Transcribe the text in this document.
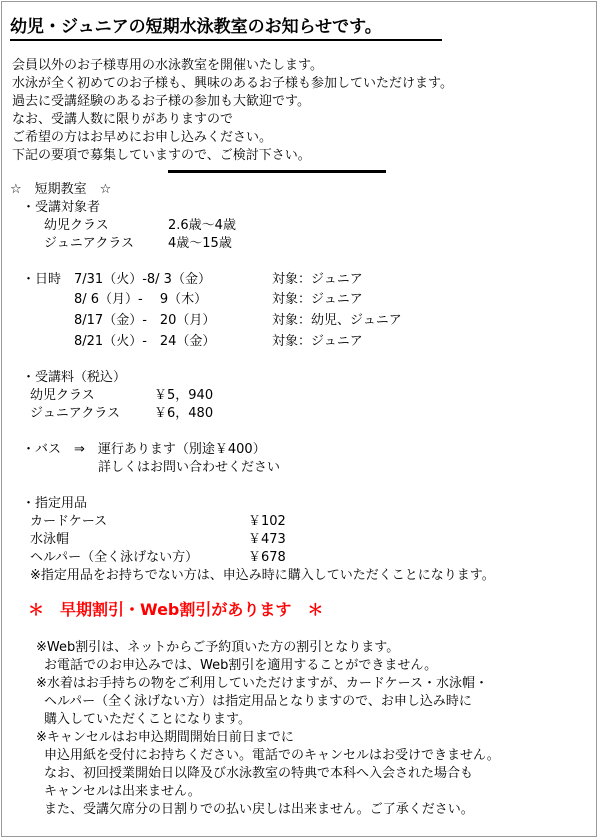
幼児・ジュニアの短期水泳教室のお知らせです。
会員以外のお子様専用の水泳教室を開催いたします。
水泳が全く初めてのお子様も、興味のあるお子様も参加していただけます。
過去に受講経験のあるお子様の参加も大歓迎です。
なお、受講人数に限りがありますので
ご希望の方はお早めにお申し込みください。
下記の要項で募集していますので、ご検討下さい。
☆　短期教室　☆
・受講対象者
幼児クラス	2.6歳～4歳
ジュニアクラス	4歳～15歳
・日時 7/31（火）-8/ 3（金）	対象：ジュニア
8/ 6（月）-　 9（木）	対象：ジュニア
8/17（金）-　20（月）	対象：幼児、ジュニア
8/21（火）-　24（金）	対象：ジュニア
・受講料（税込）
幼児クラス	￥5，940
ジュニアクラス	￥6，480
・バス　⇒　運行あります（別途￥400）
詳しくはお問い合わせください
・指定用品
カードケース	￥102
水泳帽	￥473
ヘルパー（全く泳げない方）	￥678
※指定用品をお持ちでない方は、申込み時に購入していただくことになります。
＊　早期割引・Web割引があります　＊
※Web割引は、ネットからご予約頂いた方の割引となります。
お電話でのお申込みでは、Web割引を適用することができません。
※水着はお手持ちの物をご利用していただけますが、カードケース・水泳帽・
ヘルパー（全く泳げない方）は指定用品となりますので、お申し込み時に
購入していただくことになります。
※キャンセルはお申込期間開始日前日までに
申込用紙を受付にお持ちください。電話でのキャンセルはお受けできません。
なお、初回授業開始日以降及び水泳教室の特典で本科へ入会された場合も
キャンセルは出来ません。
また、受講欠席分の日割りでの払い戻しは出来ません。ご了承ください。
